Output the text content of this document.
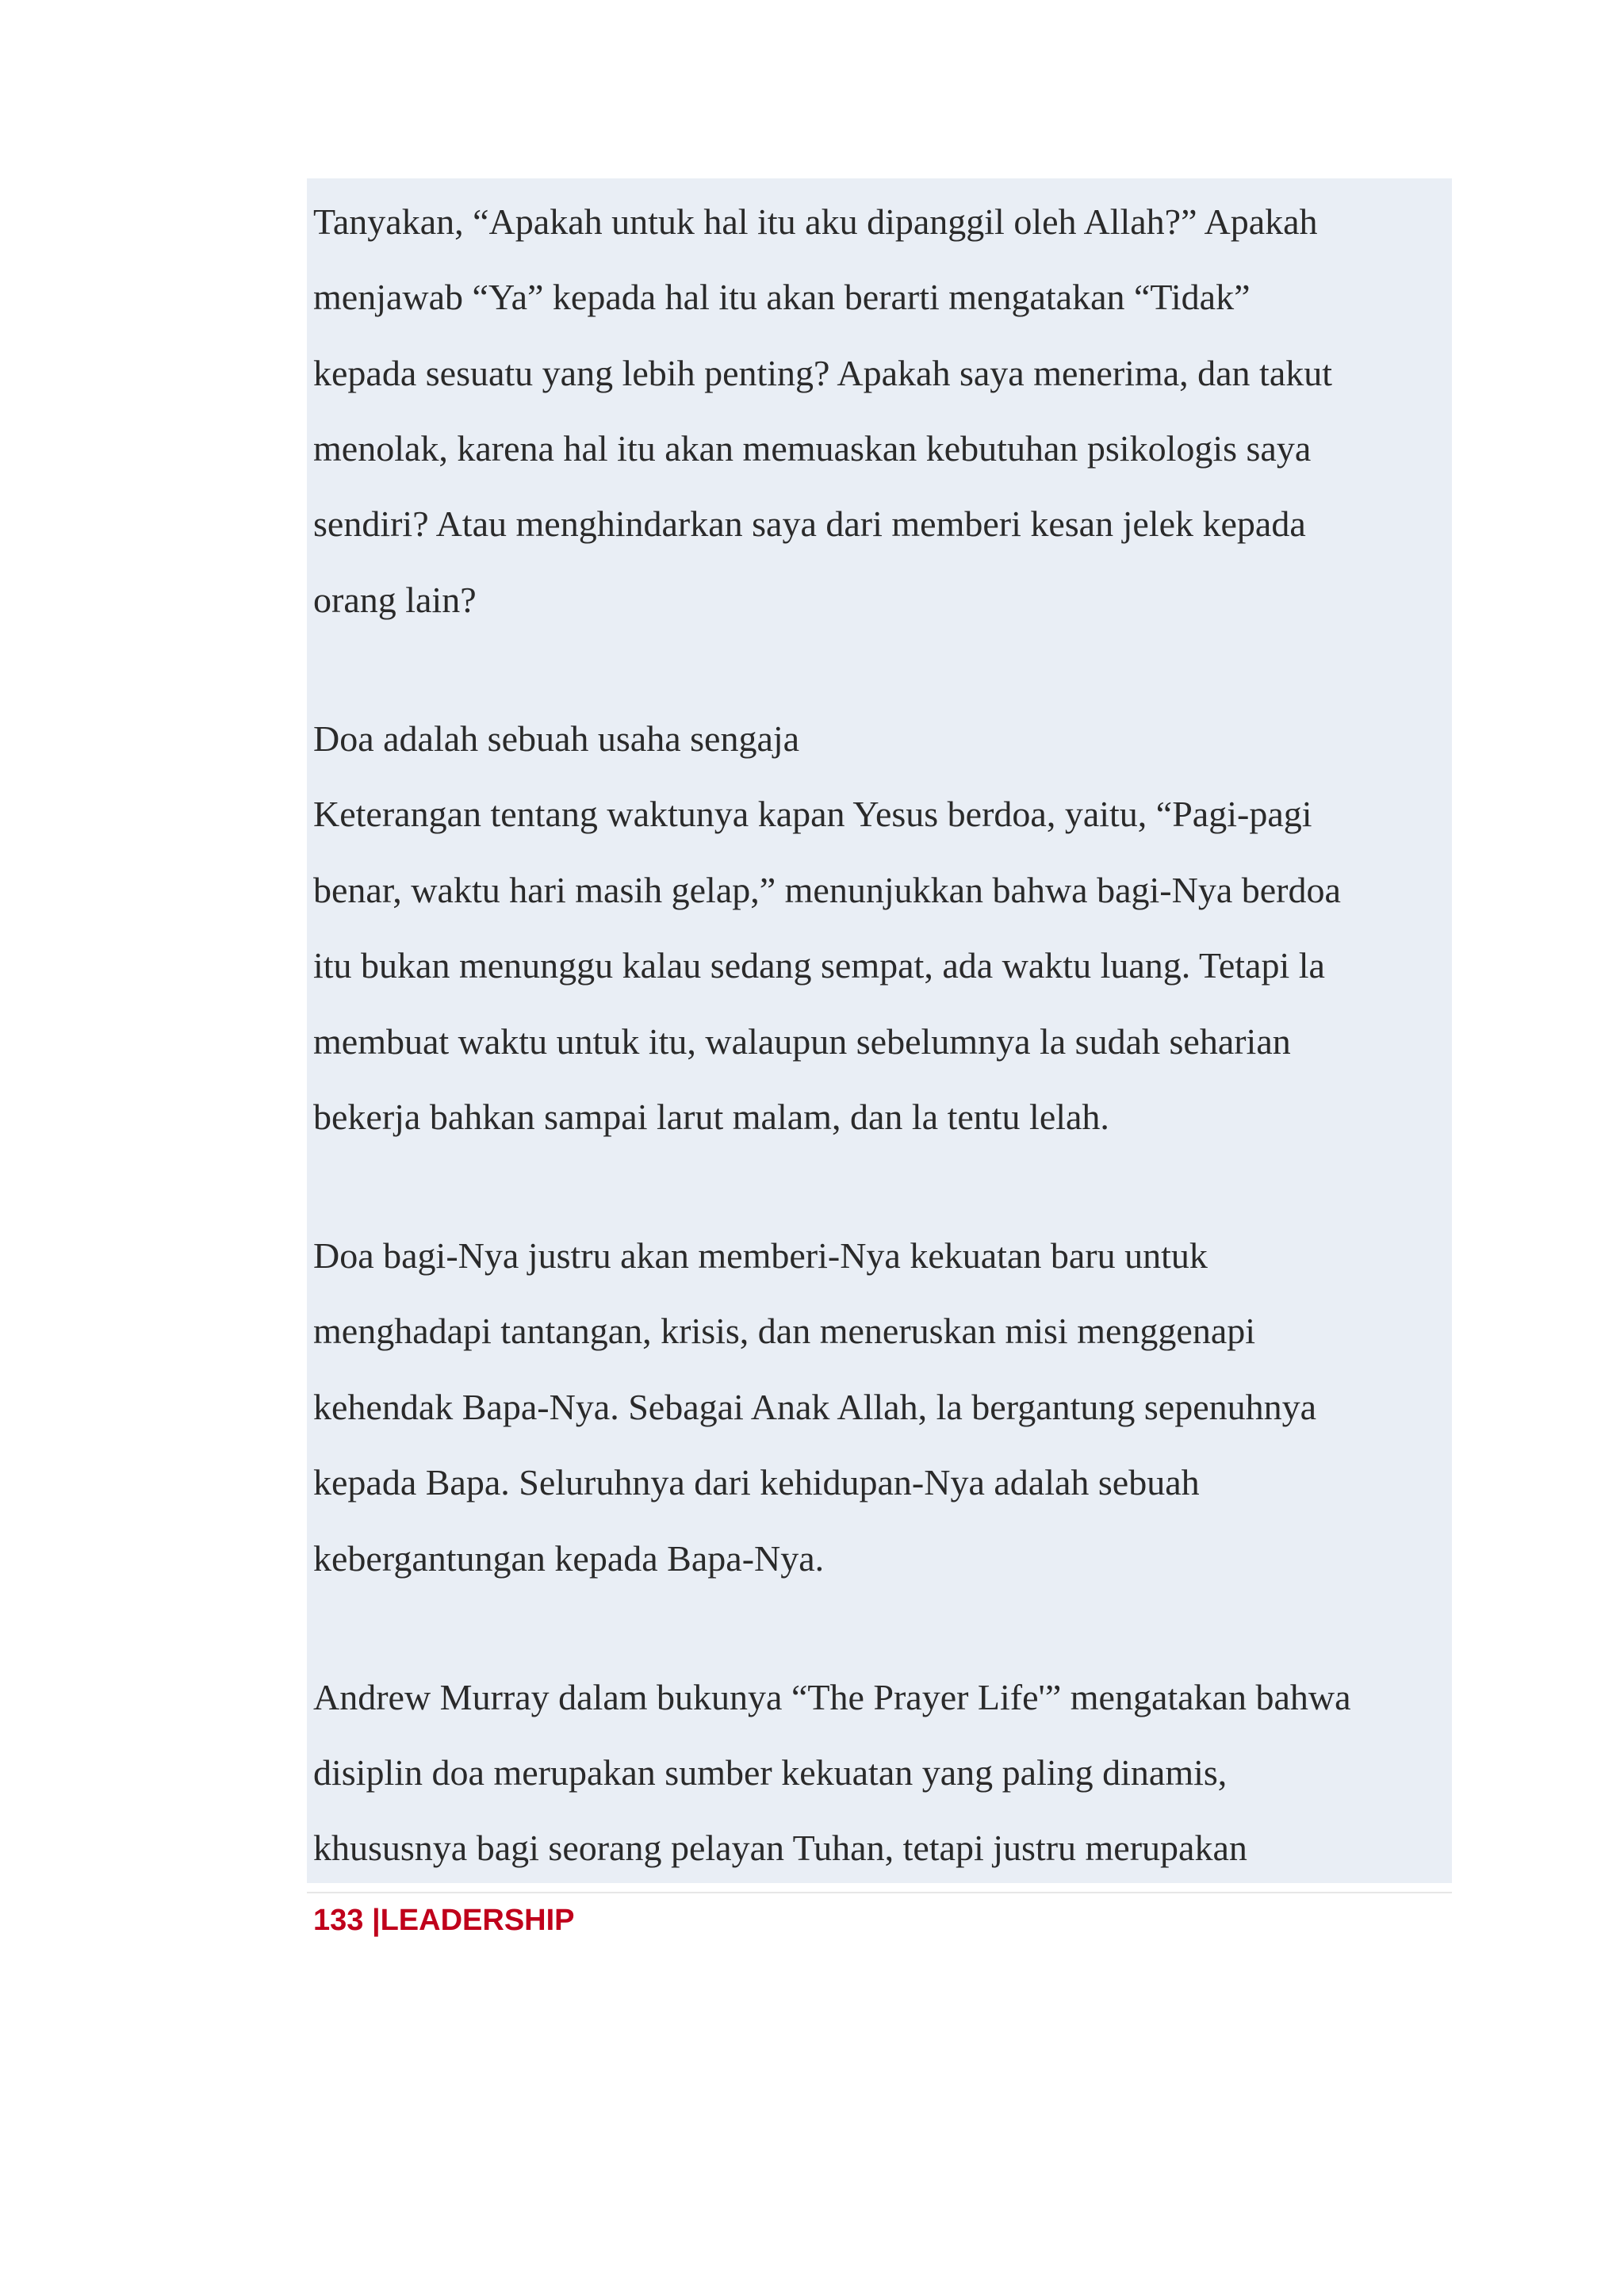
Tanyakan, “Apakah untuk hal itu aku dipanggil oleh Allah?” Apakah
menjawab “Ya” kepada hal itu akan berarti mengatakan “Tidak”
kepada sesuatu yang lebih penting? Apakah saya menerima, dan takut
menolak, karena hal itu akan memuaskan kebutuhan psikologis saya
sendiri? Atau menghindarkan saya dari memberi kesan jelek kepada
orang lain?
Doa adalah sebuah usaha sengaja
Keterangan tentang waktunya kapan Yesus berdoa, yaitu, “Pagi-pagi
benar, waktu hari masih gelap,” menunjukkan bahwa bagi-Nya berdoa
itu bukan menunggu kalau sedang sempat, ada waktu luang. Tetapi la
membuat waktu untuk itu, walaupun sebelumnya la sudah seharian
bekerja bahkan sampai larut malam, dan la tentu lelah.
Doa bagi-Nya justru akan memberi-Nya kekuatan baru untuk
menghadapi tantangan, krisis, dan meneruskan misi menggenapi
kehendak Bapa-Nya. Sebagai Anak Allah, la bergantung sepenuhnya
kepada Bapa. Seluruhnya dari kehidupan-Nya adalah sebuah
kebergantungan kepada Bapa-Nya.
Andrew Murray dalam bukunya “The Prayer Life'” mengatakan bahwa
disiplin doa merupakan sumber kekuatan yang paling dinamis,
khususnya bagi seorang pelayan Tuhan, tetapi justru merupakan
133 |LEADERSHIP
